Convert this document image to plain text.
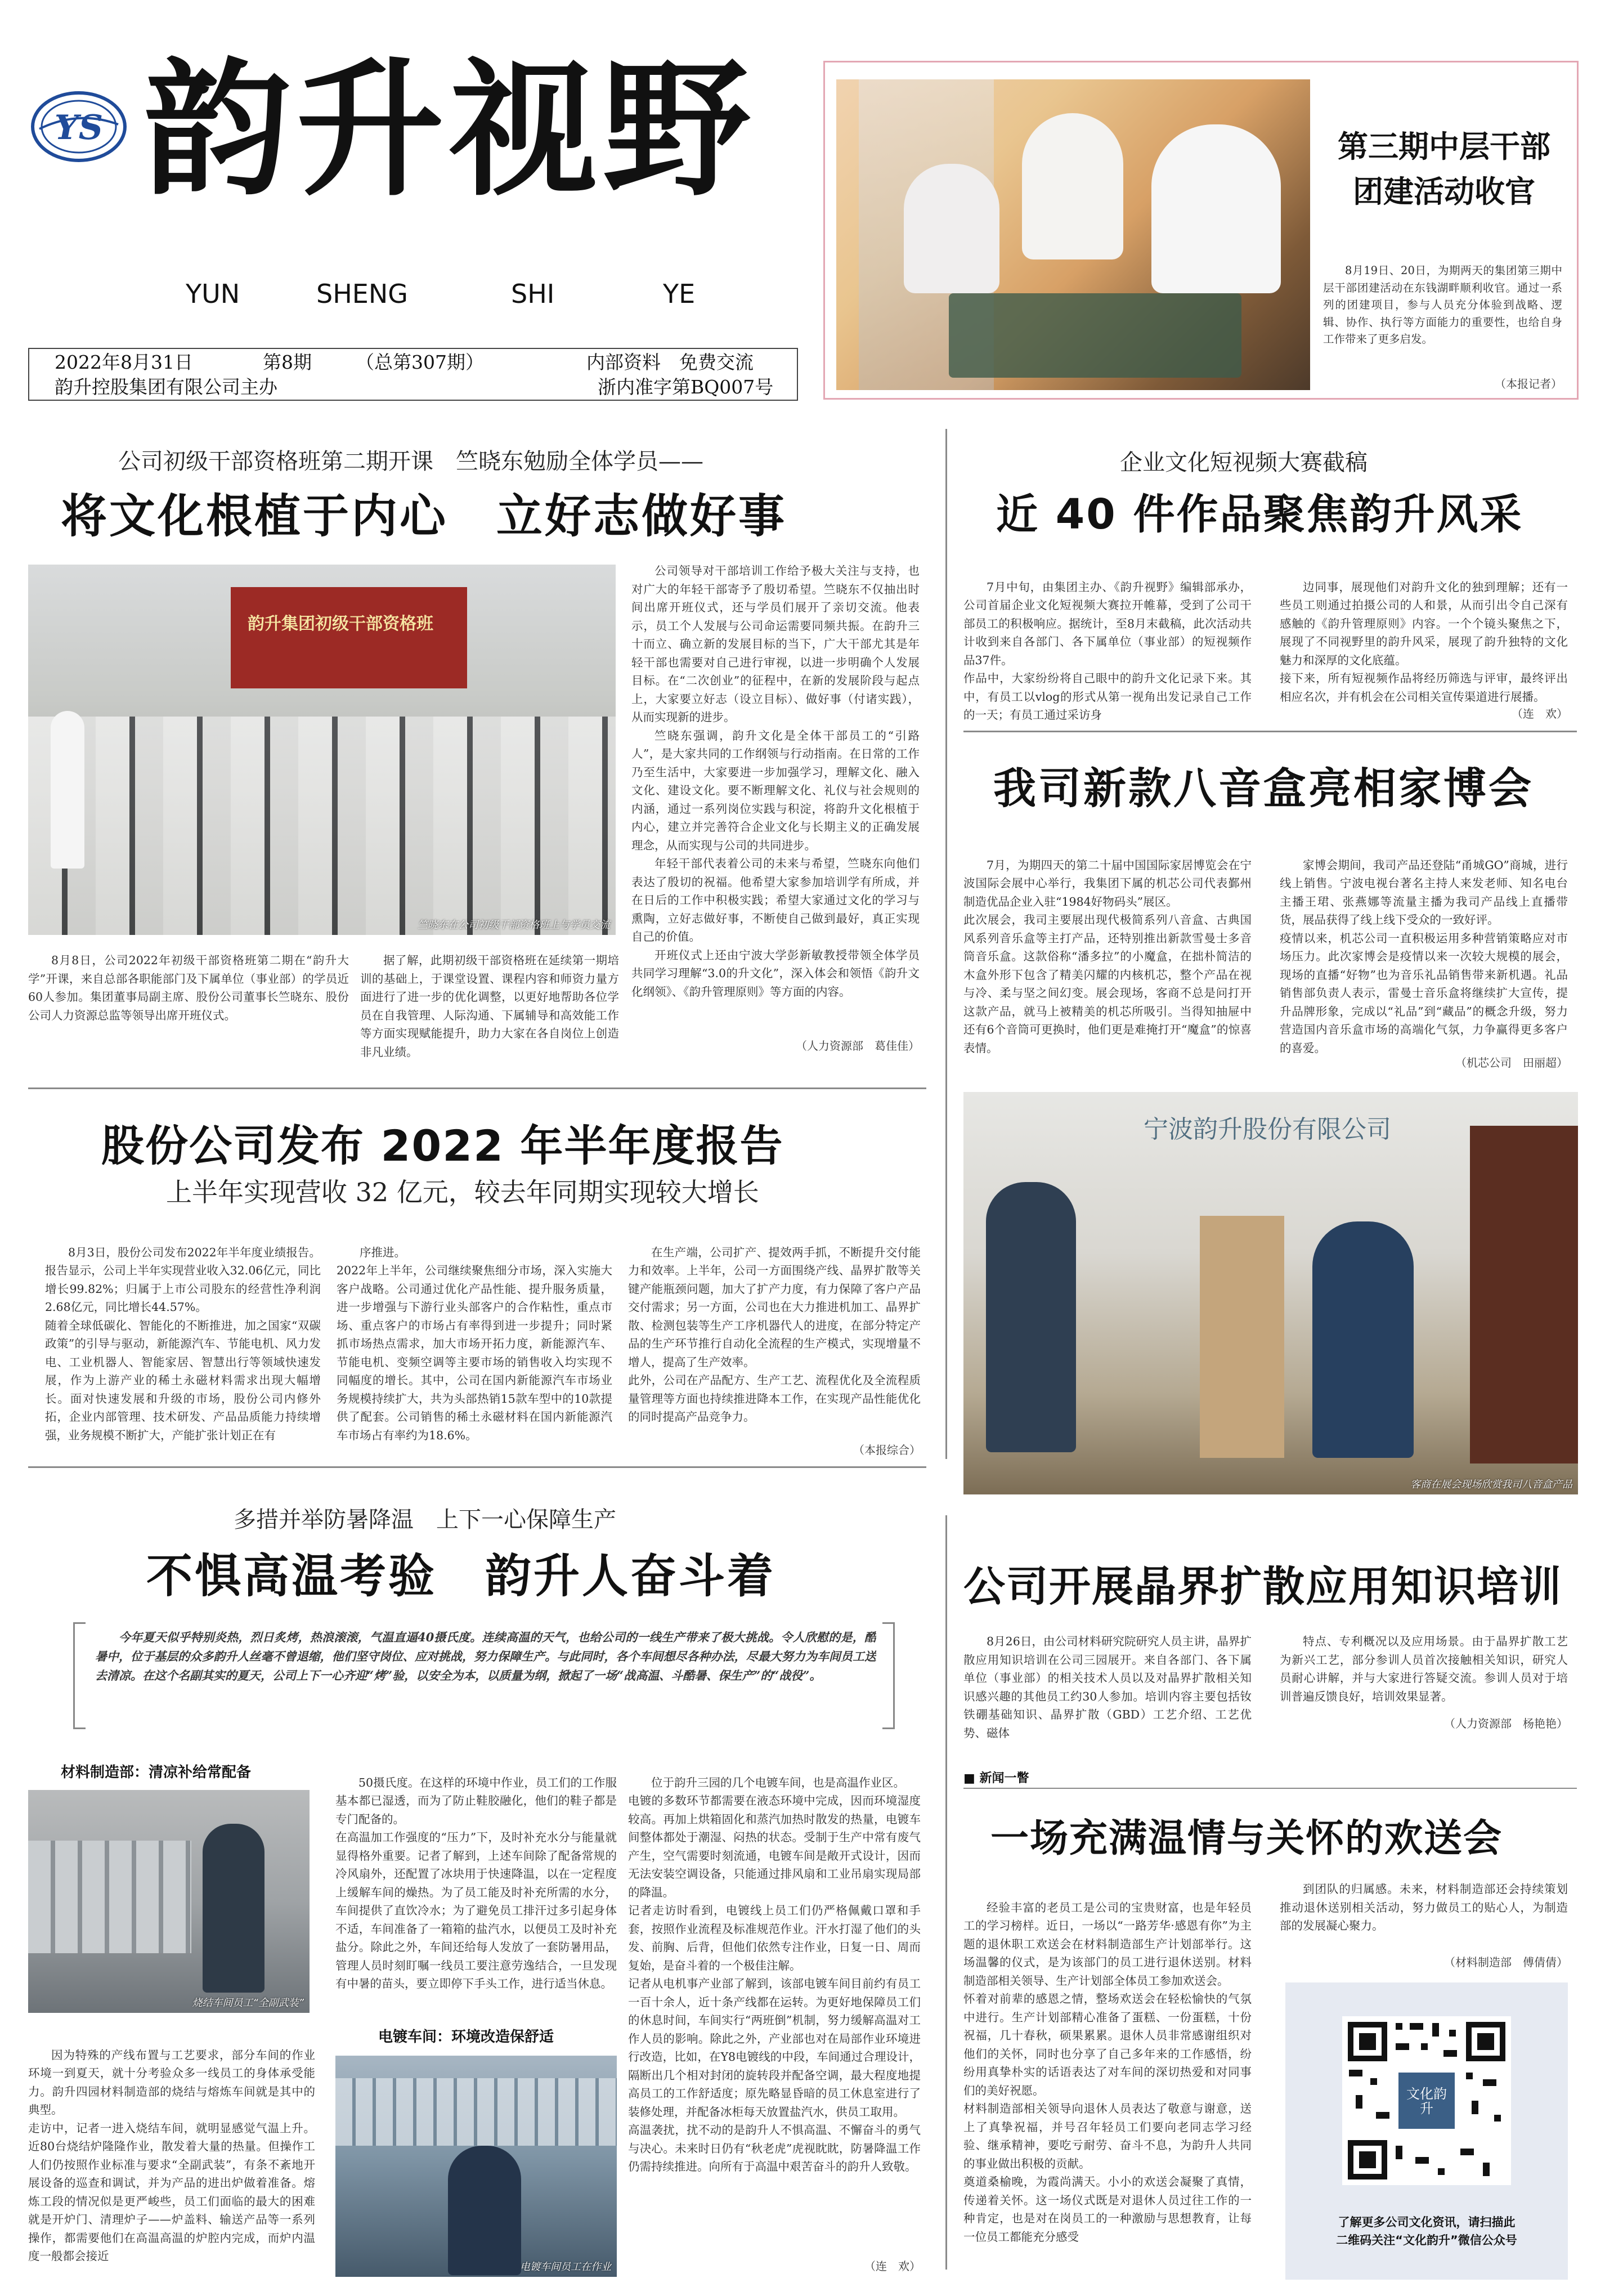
YS 韵升视野
YUN	SHENG	SHI	YE
2022年8月31日	第8期 （总第307期）	内部资料　免费交流
韵升控股集团有限公司主办	浙内准字第BQ007号
第三期中层干部
团建活动收官

8月19日、20日，为期两天的集团第三期中层干部团建活动在东钱湖畔顺利收官。通过一系列的团建项目，参与人员充分体验到战略、逻辑、协作、执行等方面能力的重要性，也给自身工作带来了更多启发。

（本报记者）
公司初级干部资格班第二期开课　竺晓东勉励全体学员——
将文化根植于内心　立好志做好事
韵升集团初级干部资格班
竺晓东在公司初级干部资格班上与学员交流

8月8日，公司2022年初级干部资格班第二期在“韵升大学”开课，来自总部各职能部门及下属单位（事业部）的学员近60人参加。集团董事局副主席、股份公司董事长竺晓东、股份公司人力资源总监等领导出席开班仪式。

据了解，此期初级干部资格班在延续第一期培训的基础上，于课堂设置、课程内容和师资力量方面进行了进一步的优化调整，以更好地帮助各位学员在自我管理、人际沟通、下属辅导和高效能工作等方面实现赋能提升，助力大家在各自岗位上创造非凡业绩。

公司领导对干部培训工作给予极大关注与支持，也对广大的年轻干部寄予了殷切希望。竺晓东不仅抽出时间出席开班仪式，还与学员们展开了亲切交流。他表示，员工个人发展与公司命运需要同频共振。在韵升三十而立、确立新的发展目标的当下，广大干部尤其是年轻干部也需要对自己进行审视，以进一步明确个人发展目标。在“二次创业”的征程中，在新的发展阶段与起点上，大家要立好志（设立目标）、做好事（付诸实践），从而实现新的进步。

竺晓东强调，韵升文化是全体干部员工的“引路人”，是大家共同的工作纲领与行动指南。在日常的工作乃至生活中，大家要进一步加强学习，理解文化、融入文化、建设文化。要不断理解文化、礼仪与社会规则的内涵，通过一系列岗位实践与积淀，将韵升文化根植于内心，建立并完善符合企业文化与长期主义的正确发展理念，从而实现与公司的共同进步。

年轻干部代表着公司的未来与希望，竺晓东向他们表达了殷切的祝福。他希望大家参加培训学有所成，并在日后的工作中积极实践；希望大家通过文化的学习与熏陶，立好志做好事，不断使自己做到最好，真正实现自己的价值。

开班仪式上还由宁波大学彭新敏教授带领全体学员共同学习理解“3.0的升文化”，深入体会和领悟《韵升文化纲领》、《韵升管理原则》等方面的内容。

（人力资源部　葛佳佳）
企业文化短视频大赛截稿
近 40 件作品聚焦韵升风采

7月中旬，由集团主办、《韵升视野》编辑部承办，公司首届企业文化短视频大赛拉开帷幕，受到了公司干部员工的积极响应。据统计，至8月末截稿，此次活动共计收到来自各部门、各下属单位（事业部）的短视频作品37件。
作品中，大家纷纷将自己眼中的韵升文化记录下来。其中，有员工以vlog的形式从第一视角出发记录自己工作的一天；有员工通过采访身

边同事，展现他们对韵升文化的独到理解；还有一些员工则通过拍摄公司的人和景，从而引出令自己深有感触的《韵升管理原则》内容。一个个镜头聚焦之下，展现了不同视野里的韵升风采，展现了韵升独特的文化魅力和深厚的文化底蕴。
接下来，所有短视频作品将经历筛选与评审，最终评出相应名次，并有机会在公司相关宣传渠道进行展播。

（连　欢）
我司新款八音盒亮相家博会

7月，为期四天的第二十届中国国际家居博览会在宁波国际会展中心举行，我集团下属的机芯公司代表鄞州制造优品企业入驻“1984好物码头”展区。
此次展会，我司主要展出现代极简系列八音盒、古典国风系列音乐盒等主打产品，还特别推出新款雪曼士多音筒音乐盒。这款俗称“潘多拉”的小魔盒，在拙朴简洁的木盒外形下包含了精美闪耀的内核机芯，整个产品在视与冷、柔与坚之间幻变。展会现场，客商不总是问打开这款产品，就马上被精美的机芯所吸引。当得知抽屉中还有6个音筒可更换时，他们更是难掩打开“魔盒”的惊喜表情。

家博会期间，我司产品还登陆“甬城GO”商城，进行线上销售。宁波电视台著名主持人来发老师、知名电台主播王珺、张燕娜等流量主播为我司产品线上直播带货，展品获得了线上线下受众的一致好评。
疫情以来，机芯公司一直积极运用多种营销策略应对市场压力。此次家博会是疫情以来一次较大规模的展会，现场的直播“好物”也为音乐礼品销售带来新机遇。礼品销售部负责人表示，雷曼士音乐盒将继续扩大宣传，提升品牌形象，完成以“礼品”到“藏品”的概念升级，努力营造国内音乐盒市场的高端化气氛，力争赢得更多客户的喜爱。

（机芯公司　田丽超）
宁波韵升股份有限公司
客商在展会现场欣赏我司八音盒产品
股份公司发布 2022 年半年度报告
上半年实现营收 32 亿元，较去年同期实现较大增长

8月3日，股份公司发布2022年半年度业绩报告。报告显示，公司上半年实现营业收入32.06亿元，同比增长99.82%；归属于上市公司股东的经营性净利润2.68亿元，同比增长44.57%。
随着全球低碳化、智能化的不断推进，加之国家“双碳政策”的引导与驱动，新能源汽车、节能电机、风力发电、工业机器人、智能家居、智慧出行等领域快速发展，作为上游产业的稀土永磁材料需求出现大幅增长。面对快速发展和升级的市场，股份公司内修外拓，企业内部管理、技术研发、产品品质能力持续增强，业务规模不断扩大，产能扩张计划正在有

序推进。
2022年上半年，公司继续聚焦细分市场，深入实施大客户战略。公司通过优化产品性能、提升服务质量，进一步增强与下游行业头部客户的合作粘性，重点市场、重点客户的市场占有率得到进一步提升；同时紧抓市场热点需求，加大市场开拓力度，新能源汽车、节能电机、变频空调等主要市场的销售收入均实现不同幅度的增长。其中，公司在国内新能源汽车市场业务规模持续扩大，共为头部热销15款车型中的10款提供了配套。公司销售的稀土永磁材料在国内新能源汽车市场占有率约为18.6%。

在生产端，公司扩产、提效两手抓，不断提升交付能力和效率。上半年，公司一方面围绕产线、晶界扩散等关键产能瓶颈问题，加大了扩产力度，有力保障了客户产品交付需求；另一方面，公司也在大力推进机加工、晶界扩散、检测包装等生产工序机器代人的进度，在部分特定产品的生产环节推行自动化全流程的生产模式，实现增量不增人，提高了生产效率。
此外，公司在产品配方、生产工艺、流程优化及全流程质量管理等方面也持续推进降本工作，在实现产品性能优化的同时提高产品竞争力。

（本报综合）
多措并举防暑降温　上下一心保障生产
不惧高温考验　韵升人奋斗着
今年夏天似乎特别炎热，烈日炙烤，热浪滚滚，气温直逼40摄氏度。连续高温的天气，也给公司的一线生产带来了极大挑战。令人欣慰的是，酷暑中，位于基层的众多韵升人丝毫不曾退缩，他们坚守岗位、应对挑战，努力保障生产。与此同时，各个车间想尽各种办法，尽最大努力为车间员工送去清凉。在这个名副其实的夏天，公司上下一心齐迎“烤”验，以安全为本，以质量为纲，掀起了一场“战高温、斗酷暑、保生产”的“战役”。
材料制造部：清凉补给常配备
烧结车间员工“全副武装”

因为特殊的产线布置与工艺要求，部分车间的作业环境一到夏天，就十分考验众多一线员工的身体承受能力。韵升四园材料制造部的烧结与熔炼车间就是其中的典型。
走访中，记者一进入烧结车间，就明显感觉气温上升。近80台烧结炉隆隆作业，散发着大量的热量。但操作工人们仍按照作业标准与要求“全副武装”，有条不紊地开展设备的巡查和调试，并为产品的进出炉做着准备。熔炼工段的情况似是更严峻些，员工们面临的最大的困难就是开炉门、清理炉子——炉盖料、输送产品等一系列操作，都需要他们在高温高温的炉腔内完成，而炉内温度一般都会接近

50摄氏度。在这样的环境中作业，员工们的工作服基本都已湿透，而为了防止鞋胶融化，他们的鞋子都是专门配备的。
在高温加工作强度的“压力”下，及时补充水分与能量就显得格外重要。记者了解到，上述车间除了配备常规的冷风扇外，还配置了冰块用于快速降温，以在一定程度上缓解车间的燥热。为了员工能及时补充所需的水分，车间提供了直饮冷水；为了避免员工排汗过多引起身体不适，车间准备了一箱箱的盐汽水，以便员工及时补充盐分。除此之外，车间还给每人发放了一套防暑用品，管理人员时刻盯嘱一线员工要注意劳逸结合，一旦发现有中暑的苗头，要立即停下手头工作，进行适当休息。

电镀车间：环境改造保舒适
电镀车间员工在作业

位于韵升三园的几个电镀车间，也是高温作业区。
电镀的多数环节都需要在液态环境中完成，因而环境湿度较高。再加上烘箱固化和蒸汽加热时散发的热量，电镀车间整体都处于潮湿、闷热的状态。受制于生产中常有废气产生，空气需要时刻流通，电镀车间是敞开式设计，因而无法安装空调设备，只能通过排风扇和工业吊扇实现局部的降温。
记者走访时看到，电镀线上员工们仍严格佩戴口罩和手套，按照作业流程及标准规范作业。汗水打湿了他们的头发、前胸、后背，但他们依然专注作业，日复一日、周而复始，是奋斗着的一个极佳注解。
记者从电机事产业部了解到，该部电镀车间目前约有员工一百十余人，近十条产线都在运转。为更好地保障员工们的休息时间，车间实行“两班倒”机制，努力缓解高温对工作人员的影响。除此之外，产业部也对在局部作业环境进行改造，比如，在Y8电镀线的中段，车间通过合理设计，隔断出几个相对封闭的旋转段并配备空调，最大程度地提高员工的工作舒适度；原先略显昏暗的员工休息室进行了装修处理，并配备冰柜每天放置盐汽水，供员工取用。
高温袭扰，扰不动的是韵升人不惧高温、不懈奋斗的勇气与决心。未来时日仍有“秋老虎”虎视眈眈，防暑降温工作仍需持续推进。向所有于高温中艰苦奋斗的韵升人致敬。

（连　欢）
公司开展晶界扩散应用知识培训

8月26日，由公司材料研究院研究人员主讲，晶界扩散应用知识培训在公司三园展开。来自各部门、各下属单位（事业部）的相关技术人员以及对晶界扩散相关知识感兴趣的其他员工约30人参加。培训内容主要包括钕铁硼基础知识、晶界扩散（GBD）工艺介绍、工艺优势、磁体

特点、专利概况以及应用场景。由于晶界扩散工艺为新兴工艺，部分参训人员首次接触相关知识，研究人员耐心讲解，并与大家进行答疑交流。参训人员对于培训普遍反馈良好，培训效果显著。

（人力资源部　杨艳艳）
■ 新闻一瞥
一场充满温情与关怀的欢送会

经验丰富的老员工是公司的宝贵财富，也是年轻员工的学习榜样。近日，一场以“一路芳华·感恩有你”为主题的退休职工欢送会在材料制造部生产计划部举行。这场温馨的仪式，是为该部门的员工进行退休送别。材料制造部相关领导、生产计划部全体员工参加欢送会。
怀着对前辈的感恩之情，整场欢送会在轻松愉快的气氛中进行。生产计划部精心准备了蛋糕、一份蛋糕，十份祝福，几十春秋，硕果累累。退休人员非常感谢组织对他们的关怀，同时也分享了自己多年来的工作感悟，纷纷用真挚朴实的话语表达了对车间的深切热爱和对同事们的美好祝愿。
材料制造部相关领导向退休人员表达了敬意与谢意，送上了真挚祝福，并号召年轻员工们要向老同志学习经验、继承精神，要吃亏耐劳、奋斗不息，为韵升人共同的事业做出积极的贡献。
奠道桑榆晚，为霞尚满天。小小的欢送会凝聚了真情，传递着关怀。这一场仪式既是对退休人员过往工作的一种肯定，也是对在岗员工的一种激励与思想教育，让每一位员工都能充分感受

到团队的归属感。未来，材料制造部还会持续策划推动退休送别相关活动，努力做员工的贴心人，为制造部的发展凝心聚力。

（材料制造部　傅倩倩）
文化韵升
了解更多公司文化资讯，请扫描此
二维码关注“文化韵升”微信公众号
